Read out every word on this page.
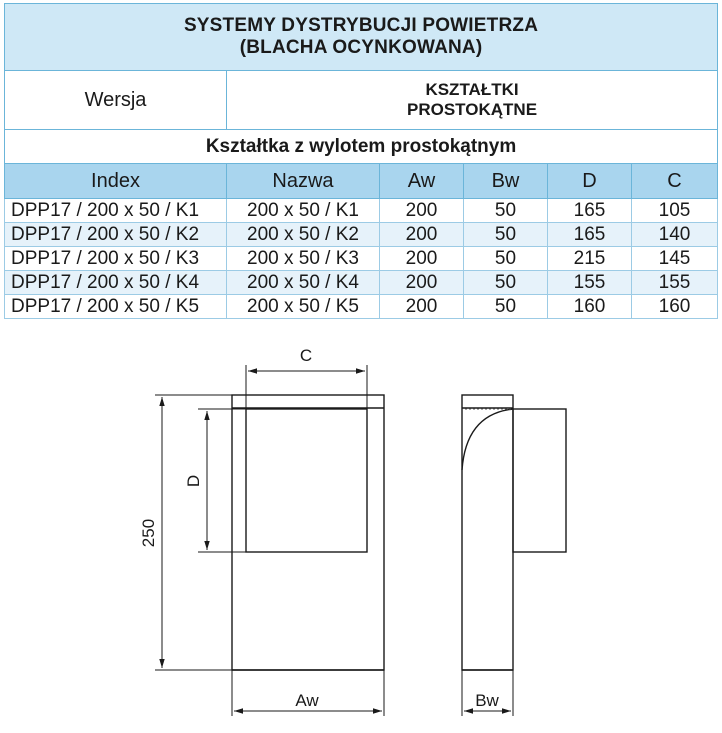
SYSTEMY DYSTRYBUCJI POWIETRZA
(BLACHA OCYNKOWANA)					

Wersja	KSZTAŁTKI
PROSTOKĄTNE				

Kształtka z wylotem prostokątnym					
Index	Nazwa	Aw	Bw	D	C
DPP17 / 200 x 50 / K1	200 x 50 / K1	200	50	165	105
DPP17 / 200 x 50 / K2	200 x 50 / K2	200	50	165	140
DPP17 / 200 x 50 / K3	200 x 50 / K3	200	50	215	145
DPP17 / 200 x 50 / K4	200 x 50 / K4	200	50	155	155
DPP17 / 200 x 50 / K5	200 x 50 / K5	200	50	160	160
C
D
250
Aw	Bw
